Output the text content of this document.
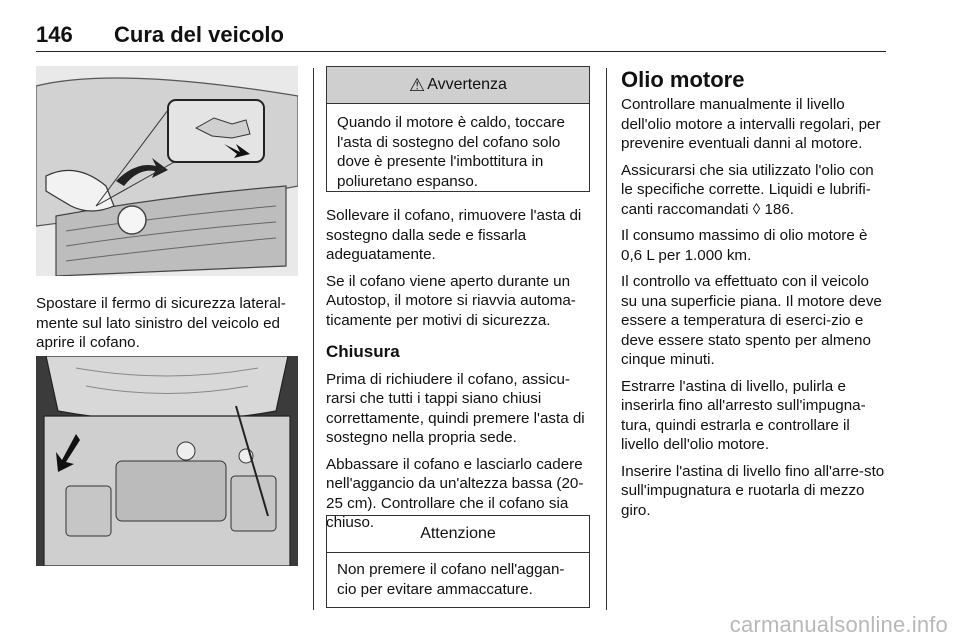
146 Cura del veicolo

Spostare il fermo di sicurezza lateral-mente sul lato sinistro del veicolo ed aprire il cofano.

⚠ Avvertenza
Quando il motore è caldo, toccare l'asta di sostegno del cofano solo dove è presente l'imbottitura in poliuretano espanso.

Sollevare il cofano, rimuovere l'asta di sostegno dalla sede e fissarla adeguatamente.

Se il cofano viene aperto durante un Autostop, il motore si riavvia automa-ticamente per motivi di sicurezza.

Chiusura

Prima di richiudere il cofano, assicu-rarsi che tutti i tappi siano chiusi correttamente, quindi premere l'asta di sostegno nella propria sede.

Abbassare il cofano e lasciarlo cadere nell'aggancio da un'altezza bassa (20-25 cm). Controllare che il cofano sia chiuso.

Attenzione
Non premere il cofano nell'aggan-cio per evitare ammaccature.
Olio motore

Controllare manualmente il livello dell'olio motore a intervalli regolari, per prevenire eventuali danni al motore.

Assicurarsi che sia utilizzato l'olio con le specifiche corrette. Liquidi e lubrifi-canti raccomandati ◊ 186.

Il consumo massimo di olio motore è 0,6 L per 1.000 km.

Il controllo va effettuato con il veicolo su una superficie piana. Il motore deve essere a temperatura di eserci-zio e deve essere stato spento per almeno cinque minuti.

Estrarre l'astina di livello, pulirla e inserirla fino all'arresto sull'impugna-tura, quindi estrarla e controllare il livello dell'olio motore.

Inserire l'astina di livello fino all'arre-sto sull'impugnatura e ruotarla di mezzo giro.

carmanualsonline.info
